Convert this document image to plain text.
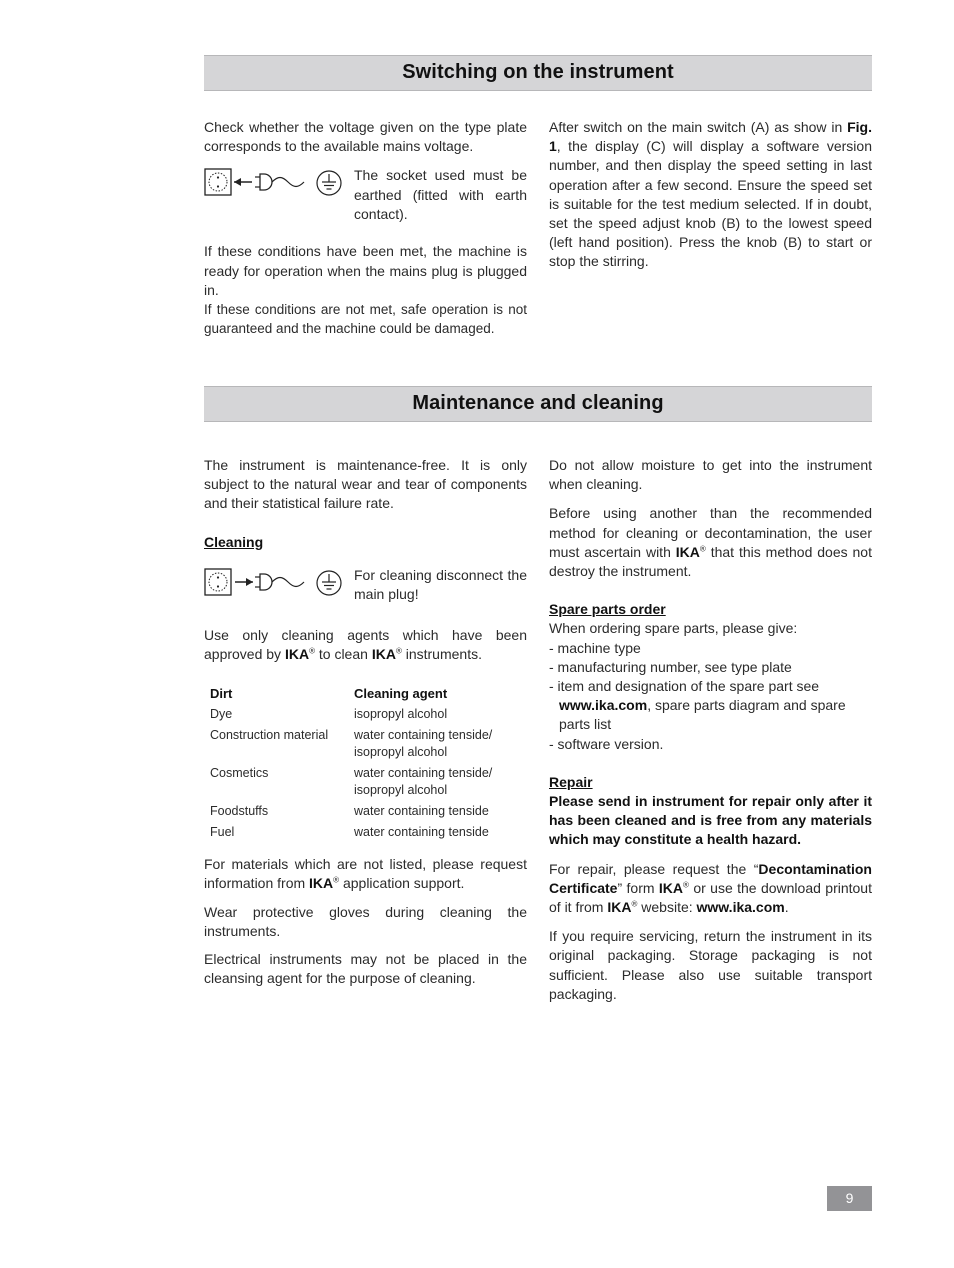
Switching on the instrument

Check whether the voltage given on the type plate corresponds to the available mains voltage.

The socket used must be earthed (fitted with earth contact).

If these conditions have been met, the machine is ready for operation when the mains plug is plugged in.

If these conditions are not met, safe operation is not guaranteed and the machine could be damaged.

After switch on the main switch (A) as show in Fig. 1, the display (C) will display a software version number, and then display the speed setting in last operation after a few second. Ensure the speed set is suitable for the test medium selected. If in doubt, set the speed adjust knob (B) to the lowest speed (left hand position). Press the knob (B) to start or stop the stirring.

Maintenance and cleaning

The instrument is maintenance-free. It is only subject to the natural wear and tear of components and their statistical failure rate.

Cleaning

For cleaning disconnect the main plug!

Use only cleaning agents which have been approved by IKA® to clean IKA® instruments.

Dirt	Cleaning agent
Dye	isopropyl alcohol
Construction material	water containing tenside/ isopropyl alcohol
Cosmetics	water containing tenside/ isopropyl alcohol
Foodstuffs	water containing tenside
Fuel	water containing tenside

For materials which are not listed, please request information from IKA® application support.

Wear protective gloves during cleaning the instruments.

Electrical instruments may not be placed in the cleansing agent for the purpose of cleaning.

Do not allow moisture to get into the instrument when cleaning.

Before using another than the recommended method for cleaning or decontamination, the user must ascertain with IKA® that this method does not destroy the instrument.

Spare parts order

When ordering spare parts, please give:

- machine type

- manufacturing number, see type plate

- item and designation of the spare part see www.ika.com, spare parts diagram and spare parts list

- software version.

Repair

Please send in instrument for repair only after it has been cleaned and is free from any materials which may constitute a health hazard.

For repair, please request the “Decontamination Certificate” form IKA® or use the download printout of it from IKA® website: www.ika.com.

If you require servicing, return the instrument in its original packaging. Storage packaging is not sufficient. Please also use suitable transport packaging.

9
